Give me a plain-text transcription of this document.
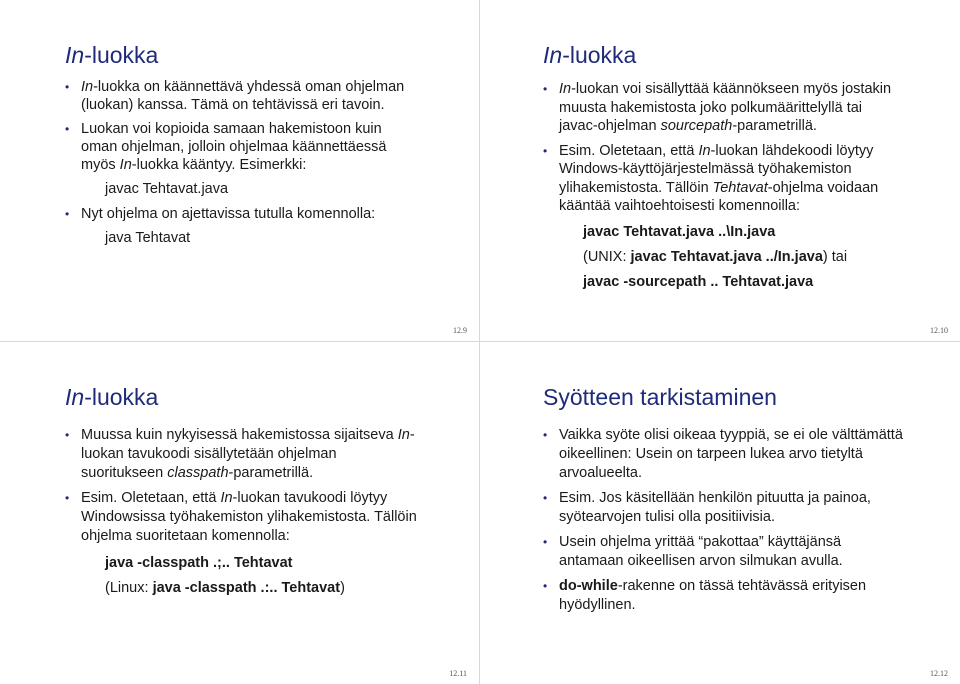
In-luokka
• In-luokka on käännettävä yhdessä oman ohjelman (luokan) kanssa. Tämä on tehtävissä eri tavoin.
• Luokan voi kopioida samaan hakemistoon kuin oman ohjelman, jolloin ohjelmaa käännettäessä myös In-luokka kääntyy. Esimerkki:
javac Tehtavat.java
• Nyt ohjelma on ajettavissa tutulla komennolla:
java Tehtavat
12.9
In-luokka
• In-luokan voi sisällyttää käännökseen myös jostakin muusta hakemistosta joko polkumäärittelyllä tai javac-ohjelman sourcepath-parametrillä.
• Esim. Oletetaan, että In-luokan lähdekoodi löytyy Windows-käyttöjärjestelmässä työhakemiston ylihakemistosta. Tällöin Tehtavat-ohjelma voidaan kääntää vaihtoehtoisesti komennoilla:
javac Tehtavat.java ..\In.java
(UNIX: javac Tehtavat.java ../In.java) tai
javac -sourcepath .. Tehtavat.java
12.10
In-luokka
• Muussa kuin nykyisessä hakemistossa sijaitseva In-luokan tavukoodi sisällytetään ohjelman suoritukseen classpath-parametrillä.
• Esim. Oletetaan, että In-luokan tavukoodi löytyy Windowsissa työhakemiston ylihakemistosta. Tällöin ohjelma suoritetaan komennolla:
java -classpath .;.. Tehtavat
(Linux: java -classpath .:.. Tehtavat)
12.11
Syötteen tarkistaminen
• Vaikka syöte olisi oikeaa tyyppiä, se ei ole välttämättä oikeellinen: Usein on tarpeen lukea arvo tietyltä arvoalueelta.
• Esim. Jos käsitellään henkilön pituutta ja painoa, syötearvojen tulisi olla positiivisia.
• Usein ohjelma yrittää “pakottaa” käyttäjänsä antamaan oikeellisen arvon silmukan avulla.
• do-while-rakenne on tässä tehtävässä erityisen hyödyllinen.
12.12
